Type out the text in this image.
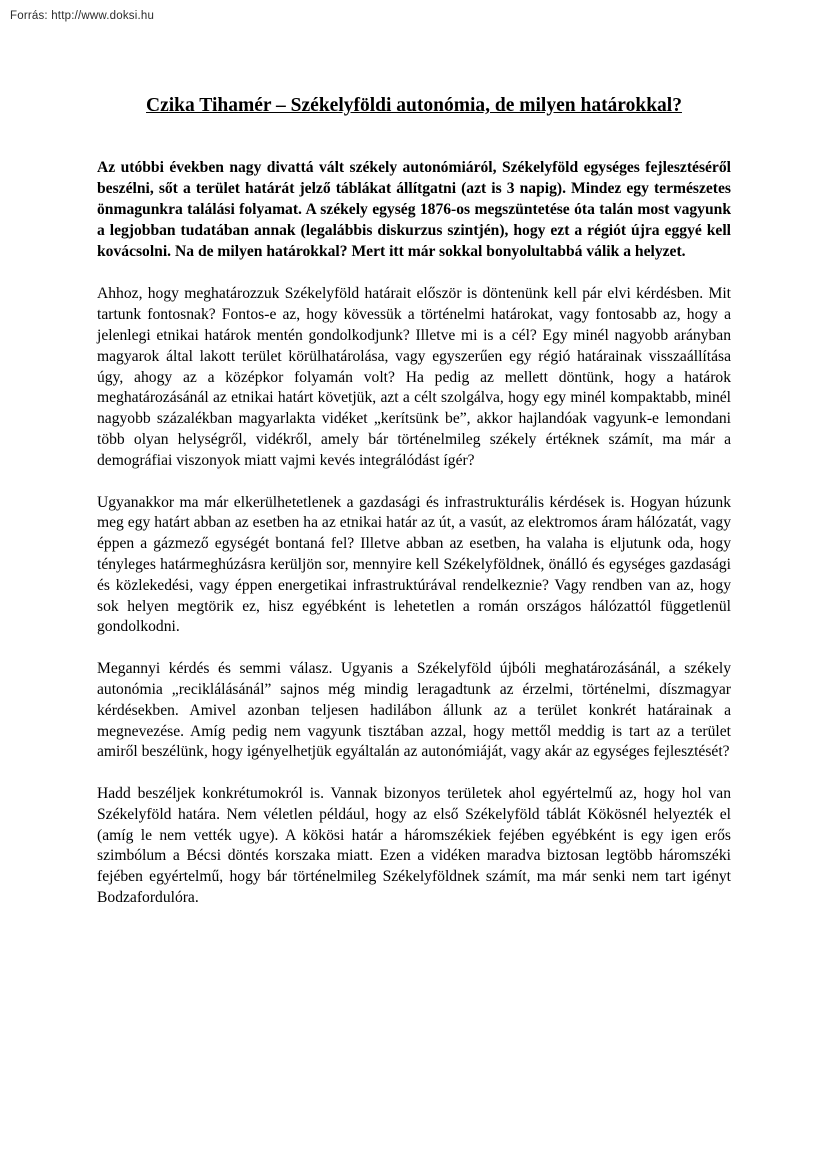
Forrás: http://www.doksi.hu
Czika Tihamér – Székelyföldi autonómia, de milyen határokkal?

Az utóbbi években nagy divattá vált székely autonómiáról, Székelyföld egységes fejlesztéséről beszélni, sőt a terület határát jelző táblákat állítgatni (azt is 3 napig). Mindez egy természetes önmagunkra találási folyamat. A székely egység 1876-os megszüntetése óta talán most vagyunk a legjobban tudatában annak (legalábbis diskurzus szintjén), hogy ezt a régiót újra eggyé kell kovácsolni. Na de milyen határokkal? Mert itt már sokkal bonyolultabbá válik a helyzet.

Ahhoz, hogy meghatározzuk Székelyföld határait először is döntenünk kell pár elvi kérdésben. Mit tartunk fontosnak? Fontos-e az, hogy kövessük a történelmi határokat, vagy fontosabb az, hogy a jelenlegi etnikai határok mentén gondolkodjunk? Illetve mi is a cél? Egy minél nagyobb arányban magyarok által lakott terület körülhatárolása, vagy egyszerűen egy régió határainak visszaállítása úgy, ahogy az a középkor folyamán volt? Ha pedig az mellett döntünk, hogy a határok meghatározásánál az etnikai határt követjük, azt a célt szolgálva, hogy egy minél kompaktabb, minél nagyobb százalékban magyarlakta vidéket „kerítsünk be”, akkor hajlandóak vagyunk-e lemondani több olyan helységről, vidékről, amely bár történelmileg székely értéknek számít, ma már a demográfiai viszonyok miatt vajmi kevés integrálódást ígér?

Ugyanakkor ma már elkerülhetetlenek a gazdasági és infrastrukturális kérdések is. Hogyan húzunk meg egy határt abban az esetben ha az etnikai határ az út, a vasút, az elektromos áram hálózatát, vagy éppen a gázmező egységét bontaná fel? Illetve abban az esetben, ha valaha is eljutunk oda, hogy tényleges határmeghúzásra kerüljön sor, mennyire kell Székelyföldnek, önálló és egységes gazdasági és közlekedési, vagy éppen energetikai infrastruktúrával rendelkeznie? Vagy rendben van az, hogy sok helyen megtörik ez, hisz egyébként is lehetetlen a román országos hálózattól függetlenül gondolkodni.

Megannyi kérdés és semmi válasz. Ugyanis a Székelyföld újbóli meghatározásánál, a székely autonómia „reciklálásánál” sajnos még mindig leragadtunk az érzelmi, történelmi, díszmagyar kérdésekben. Amivel azonban teljesen hadilábon állunk az a terület konkrét határainak a megnevezése. Amíg pedig nem vagyunk tisztában azzal, hogy mettől meddig is tart az a terület amiről beszélünk, hogy igényelhetjük egyáltalán az autonómiáját, vagy akár az egységes fejlesztését?

Hadd beszéljek konkrétumokról is. Vannak bizonyos területek ahol egyértelmű az, hogy hol van Székelyföld határa. Nem véletlen például, hogy az első Székelyföld táblát Kökösnél helyezték el (amíg le nem vették ugye). A kökösi határ a háromszékiek fejében egyébként is egy igen erős szimbólum a Bécsi döntés korszaka miatt. Ezen a vidéken maradva biztosan legtöbb háromszéki fejében egyértelmű, hogy bár történelmileg Székelyföldnek számít, ma már senki nem tart igényt Bodzafordulóra.
